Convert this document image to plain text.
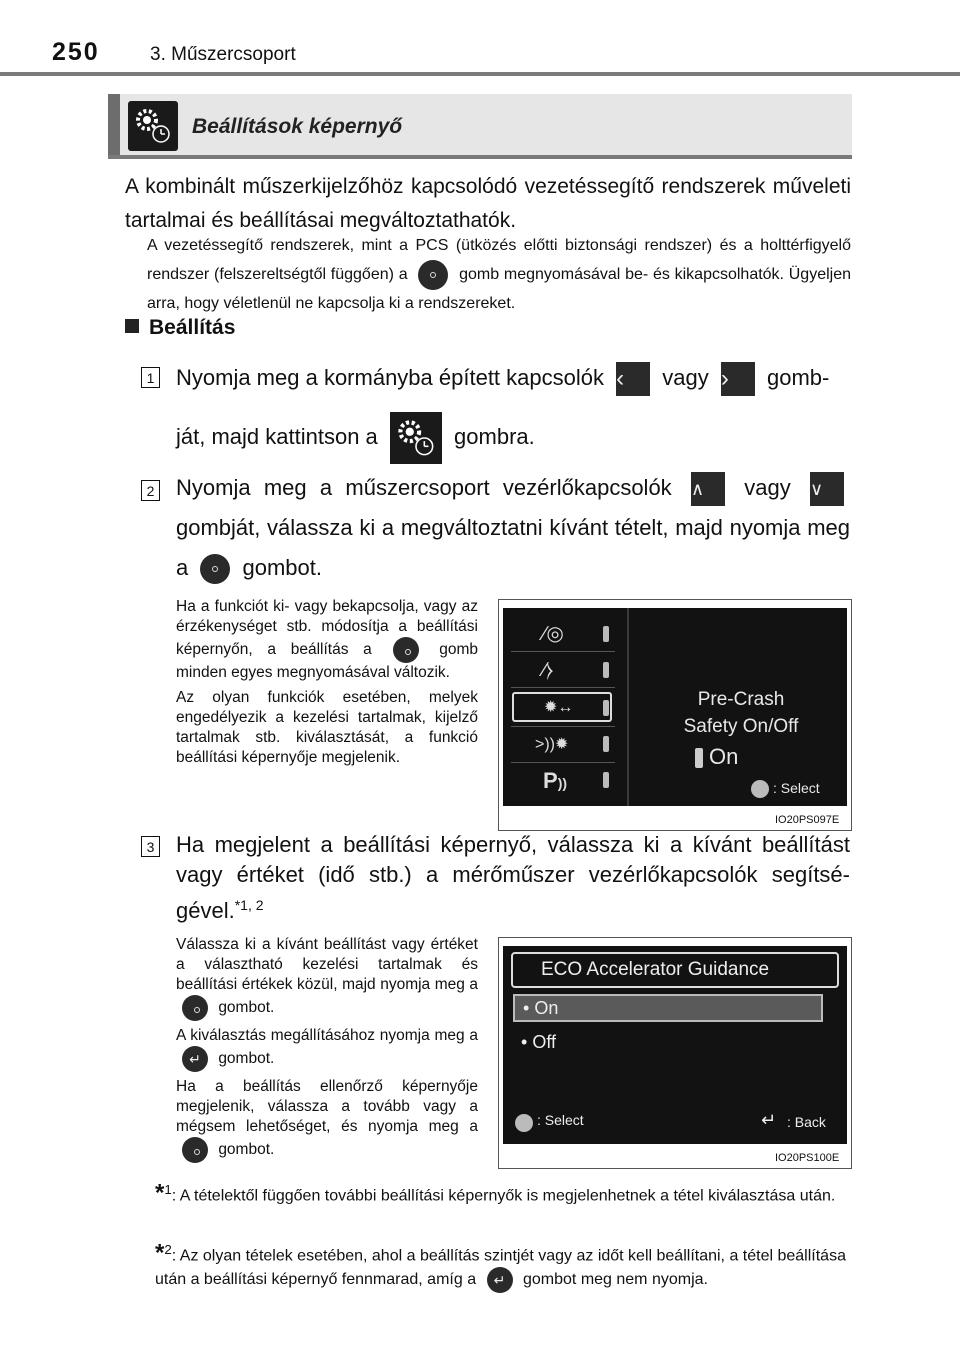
250	3. Műszercsoport
Beállítások képernyő
A kombinált műszerkijelzőhöz kapcsolódó vezetéssegítő rendszerek műveleti tartalmai és beállításai megváltoztathatók.
A vezetéssegítő rendszerek, mint a PCS (ütközés előtti biztonsági rendszer) és a holttérfigyelő rendszer (felszereltségtől függően) a	gomb megnyomásával be- és kikapcsolhatók. Ügyeljen arra, hogy véletlenül ne kapcsolja ki a rendszereket.
Beállítás
1 Nyomja meg a kormányba épített kapcsolók ‹ vagy › gomb-
ját, majd kattintson a	gombra.
2 Nyomja meg a műszercsoport vezérlőkapcsolók ∧ vagy ∨ gombját, válassza ki a megváltoztatni kívánt tételt, majd nyomja meg a gombot.

Ha a funkciót ki- vagy bekapcsolja, vagy az érzékenységet stb. módosítja a beállítási képernyőn, a beállítás a	gomb minden egyes megnyomásával változik.

Az olyan funkciók esetében, melyek engedélyezik a kezelési tartalmak, kijelző tartalmak stb. kiválasztását, a funkció beállítási képernyője megjelenik.

∕◎
∕⧽
✹↔
>))✹
P))
Pre-Crash
Safety On/Off
On
: Select
IO20PS097E
3 Ha megjelent a beállítási képernyő, válassza ki a kívánt beállítást vagy értéket (idő stb.) a mérőműszer vezérlőkapcsolók segítsé- gével.$^{*1, 2}$

Válassza ki a kívánt beállítást vagy értéket a választható kezelési tartalmak és beállítási értékek közül, majd nyomja meg a  gombot.

A kiválasztás megállításához nyomja meg a ↵ gombot.

Ha a beállítás ellenőrző képernyője megjelenik, válassza a tovább vagy a mégsem lehetőséget, és nyomja meg a  gombot.

ECO Accelerator Guidance
• On
• Off
: Select	↵ : Back
IO20PS100E
*$^1$: A tételektől függően további beállítási képernyők is megjelenhetnek a tétel kiválasztása után.
*$^2$: Az olyan tételek esetében, ahol a beállítás szintjét vagy az időt kell beállítani, a tétel beállítása után a beállítási képernyő fennmarad, amíg a ↵ gombot meg nem nyomja.
